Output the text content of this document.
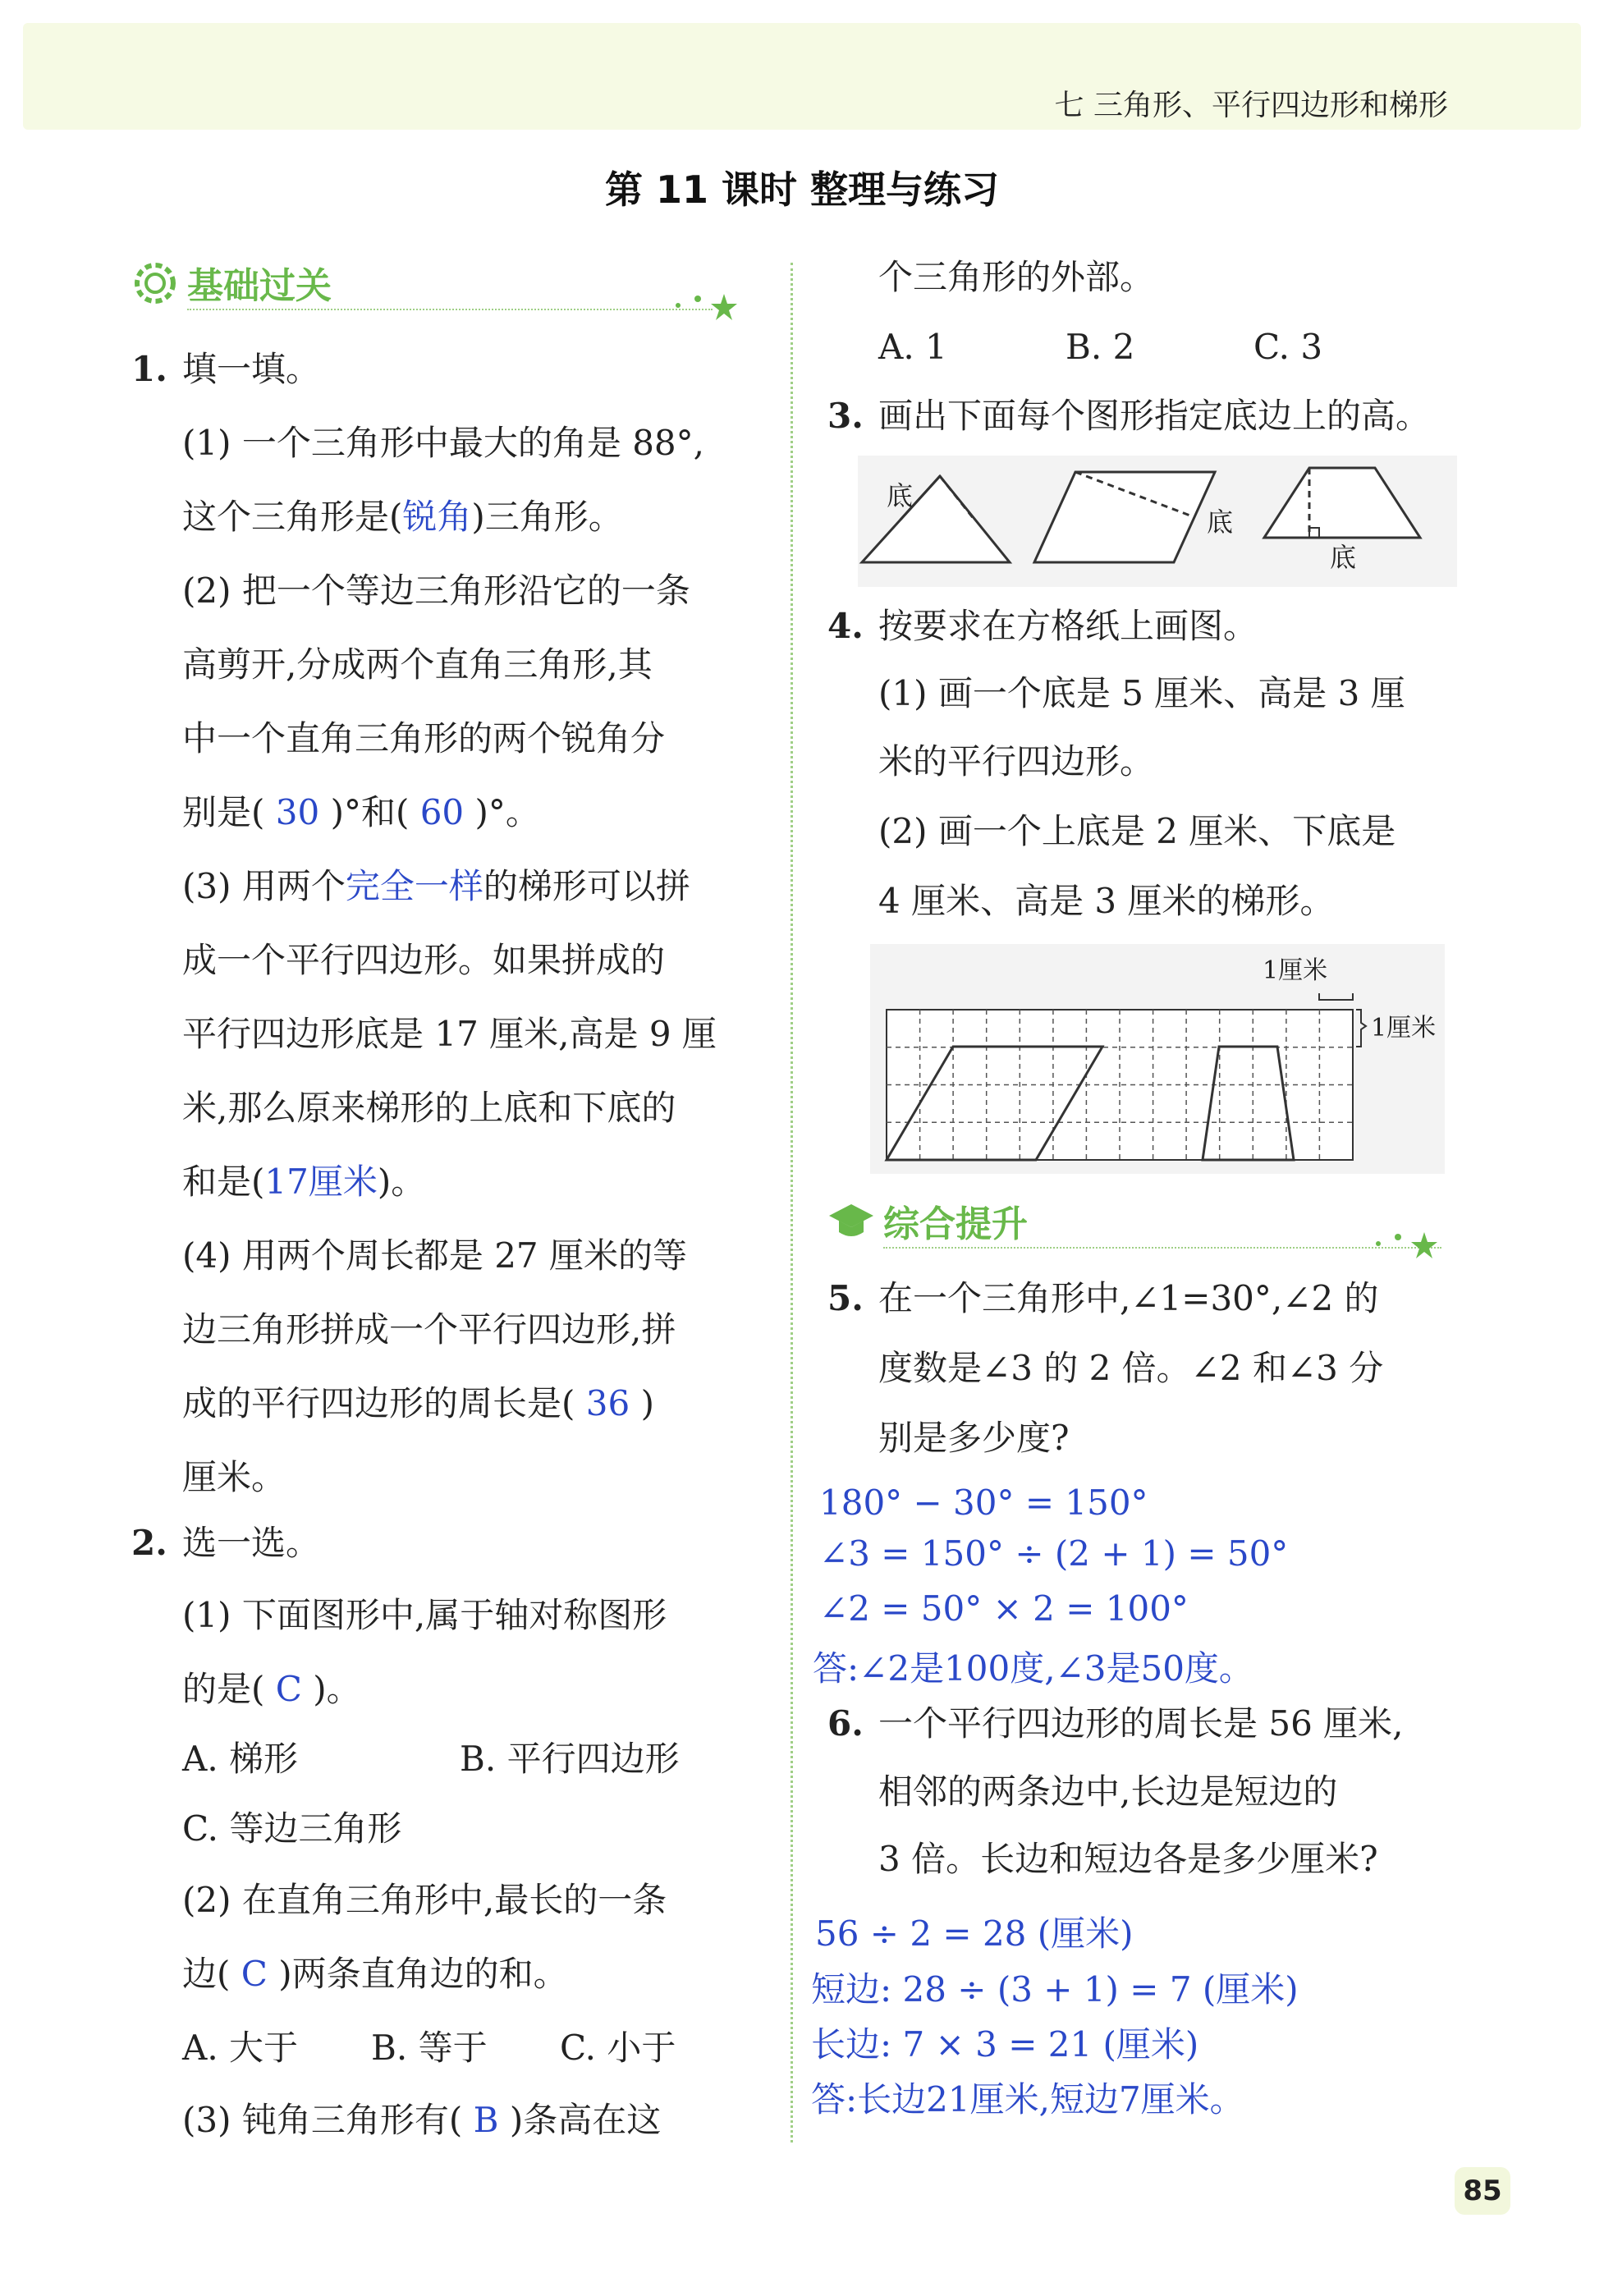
七 三角形、平行四边形和梯形
第 11 课时 整理与练习
基础过关
1. 填一填。
(1) 一个三角形中最大的角是 88°,
这个三角形是(锐角)三角形。
(2) 把一个等边三角形沿它的一条
高剪开,分成两个直角三角形,其
中一个直角三角形的两个锐角分
别是( 30 )°和( 60 )°。
(3) 用两个完全一样的梯形可以拼
成一个平行四边形。如果拼成的
平行四边形底是 17 厘米,高是 9 厘
米,那么原来梯形的上底和下底的
和是(17厘米)。
(4) 用两个周长都是 27 厘米的等
边三角形拼成一个平行四边形,拼
成的平行四边形的周长是( 36 )
厘米。
2. 选一选。
(1) 下面图形中,属于轴对称图形
的是( C )。
A. 梯形	B. 平行四边形
C. 等边三角形
(2) 在直角三角形中,最长的一条
边( C )两条直角边的和。
A. 大于 B. 等于 C. 小于
(3) 钝角三角形有( B )条高在这
个三角形的外部。
A. 1	B. 2	C. 3
3. 画出下面每个图形指定底边上的高。
底
底
底
4. 按要求在方格纸上画图。
(1) 画一个底是 5 厘米、高是 3 厘
米的平行四边形。
(2) 画一个上底是 2 厘米、下底是
4 厘米、高是 3 厘米的梯形。
1厘米
1厘米
综合提升
5. 在一个三角形中,∠1=30°,∠2 的
度数是∠3 的 2 倍。∠2 和∠3 分
别是多少度?
180° − 30° = 150°
∠3 = 150° ÷ (2 + 1) = 50°
∠2 = 50° × 2 = 100°
答:∠2是100度,∠3是50度。
6. 一个平行四边形的周长是 56 厘米,
相邻的两条边中,长边是短边的
3 倍。长边和短边各是多少厘米?
56 ÷ 2 = 28 (厘米)
短边: 28 ÷ (3 + 1) = 7 (厘米)
长边: 7 × 3 = 21 (厘米)
答:长边21厘米,短边7厘米。
85
